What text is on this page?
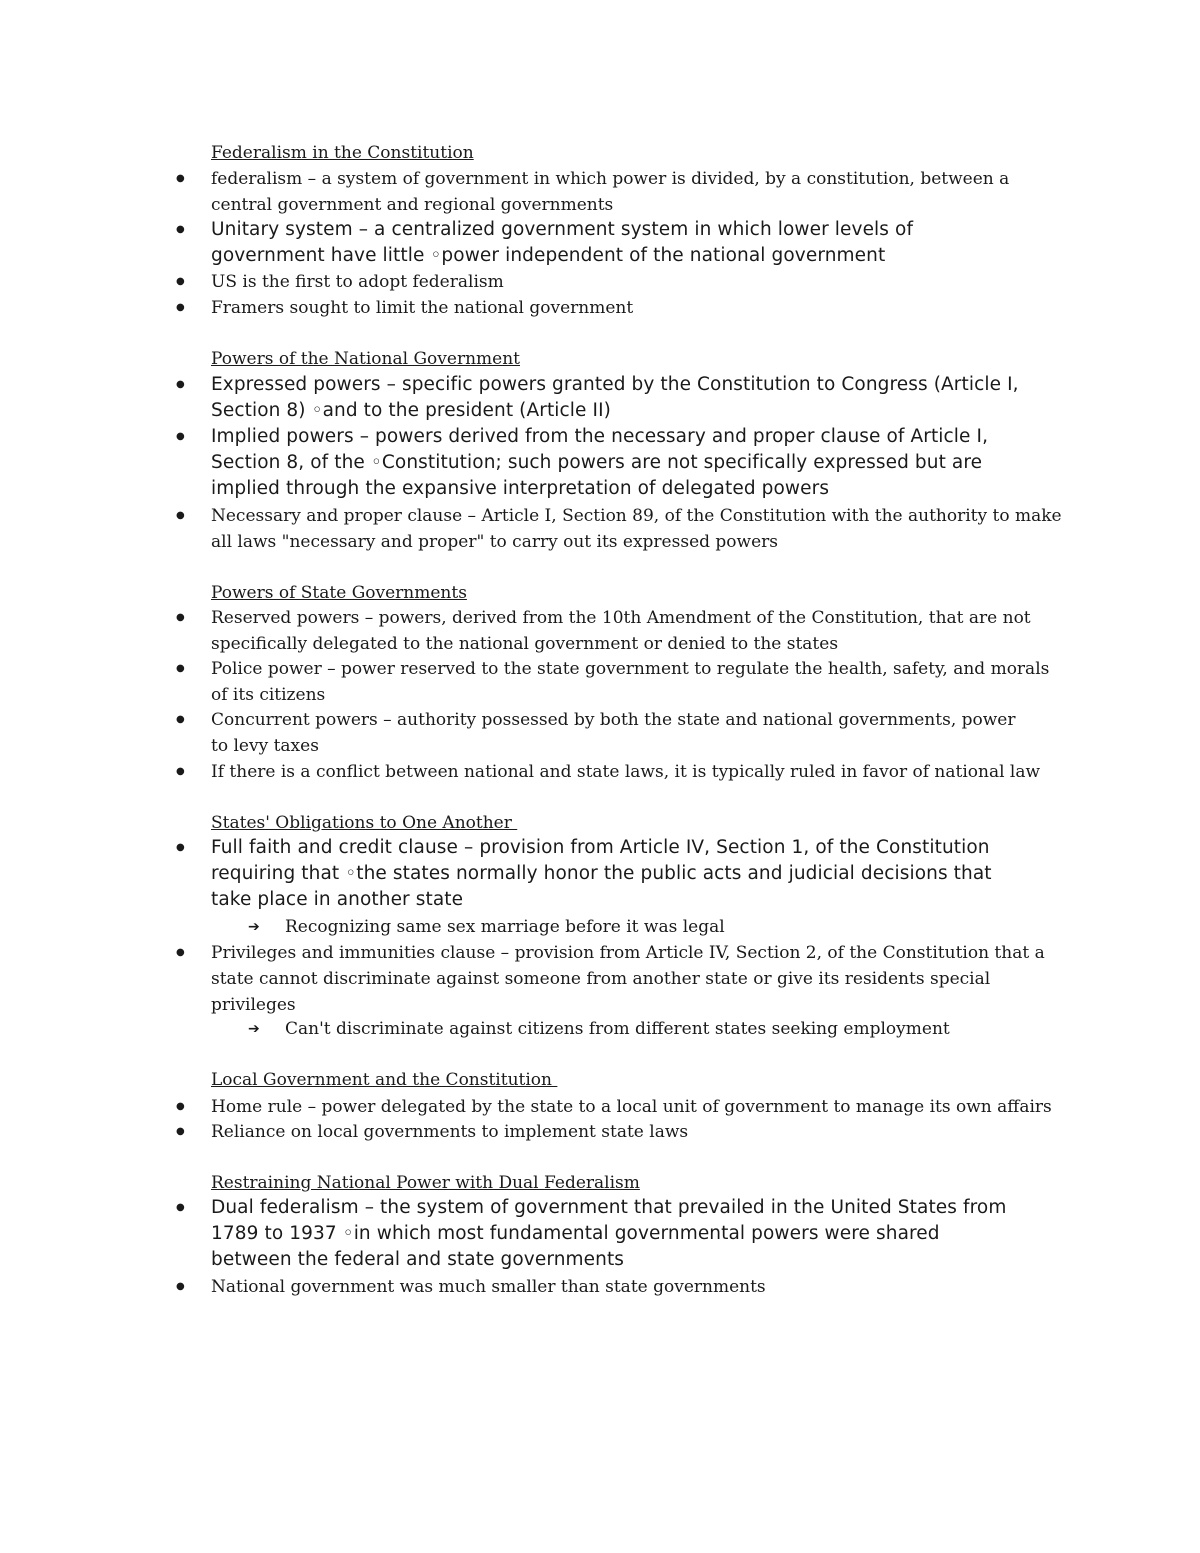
Federalism in the Constitution
●	federalism – a system of government in which power is divided, by a constitution, between a
central government and regional governments
● Unitary system – a centralized government system in which lower levels of
government have little ◦power independent of the national government
●	US is the first to adopt federalism
●	Framers sought to limit the national government
Powers of the National Government
● Expressed powers – specific powers granted by the Constitution to Congress (Article I,
Section 8) ◦and to the president (Article II)
● Implied powers – powers derived from the necessary and proper clause of Article I,
Section 8, of the ◦Constitution; such powers are not specifically expressed but are
implied through the expansive interpretation of delegated powers
●	Necessary and proper clause – Article I, Section 89, of the Constitution with the authority to make
all laws "necessary and proper" to carry out its expressed powers
Powers of State Governments
●	Reserved powers – powers, derived from the 10th Amendment of the Constitution, that are not
specifically delegated to the national government or denied to the states
●	Police power – power reserved to the state government to regulate the health, safety, and morals
of its citizens
●	Concurrent powers – authority possessed by both the state and national governments, power
to levy taxes
●	If there is a conflict between national and state laws, it is typically ruled in favor of national law
States' Obligations to One Another
● Full faith and credit clause – provision from Article IV, Section 1, of the Constitution
requiring that ◦the states normally honor the public acts and judicial decisions that
take place in another state
➔ Recognizing same sex marriage before it was legal
●	Privileges and immunities clause – provision from Article IV, Section 2, of the Constitution that a
state cannot discriminate against someone from another state or give its residents special
privileges
➔ Can't discriminate against citizens from different states seeking employment
Local Government and the Constitution
●	Home rule – power delegated by the state to a local unit of government to manage its own affairs
●	Reliance on local governments to implement state laws
Restraining National Power with Dual Federalism
● Dual federalism – the system of government that prevailed in the United States from
1789 to 1937 ◦in which most fundamental governmental powers were shared
between the federal and state governments
●	National government was much smaller than state governments
